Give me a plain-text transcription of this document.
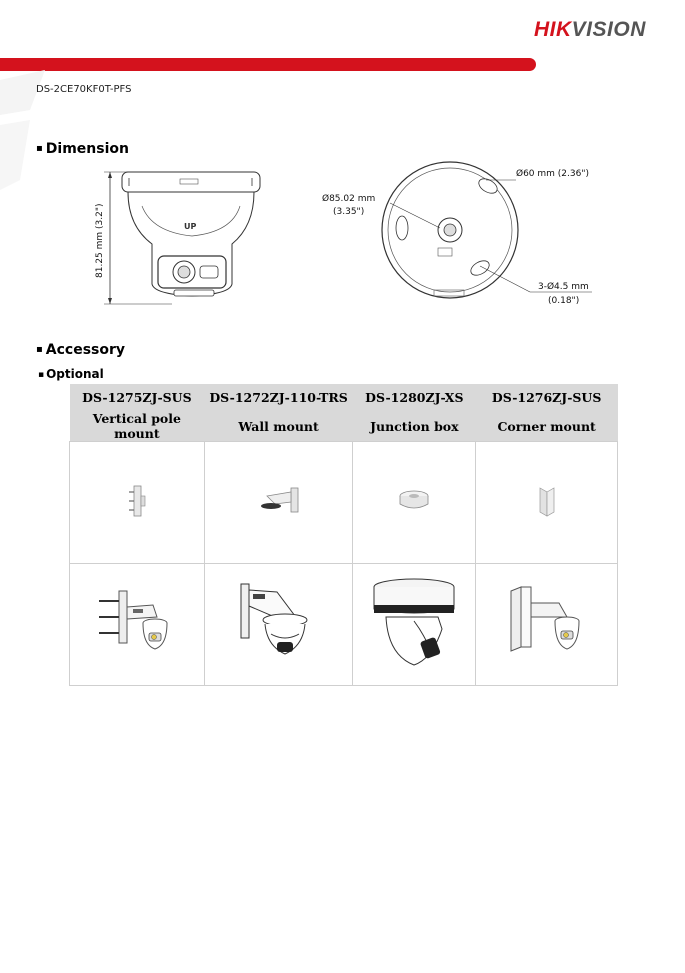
HIKVISION
DS-2CE70KF0T-PFS
▪ Dimension
81.25 mm (3.2")	UP
Ø85.02 mm
(3.35")
Ø60 mm (2.36")
3-Ø4.5 mm
(0.18")
▪ Accessory
▪ Optional
DS-1275ZJ-SUS	DS-1272ZJ-110-TRS	DS-1280ZJ-XS	DS-1276ZJ-SUS
Vertical pole mount	Wall mount	Junction box	Corner mount
